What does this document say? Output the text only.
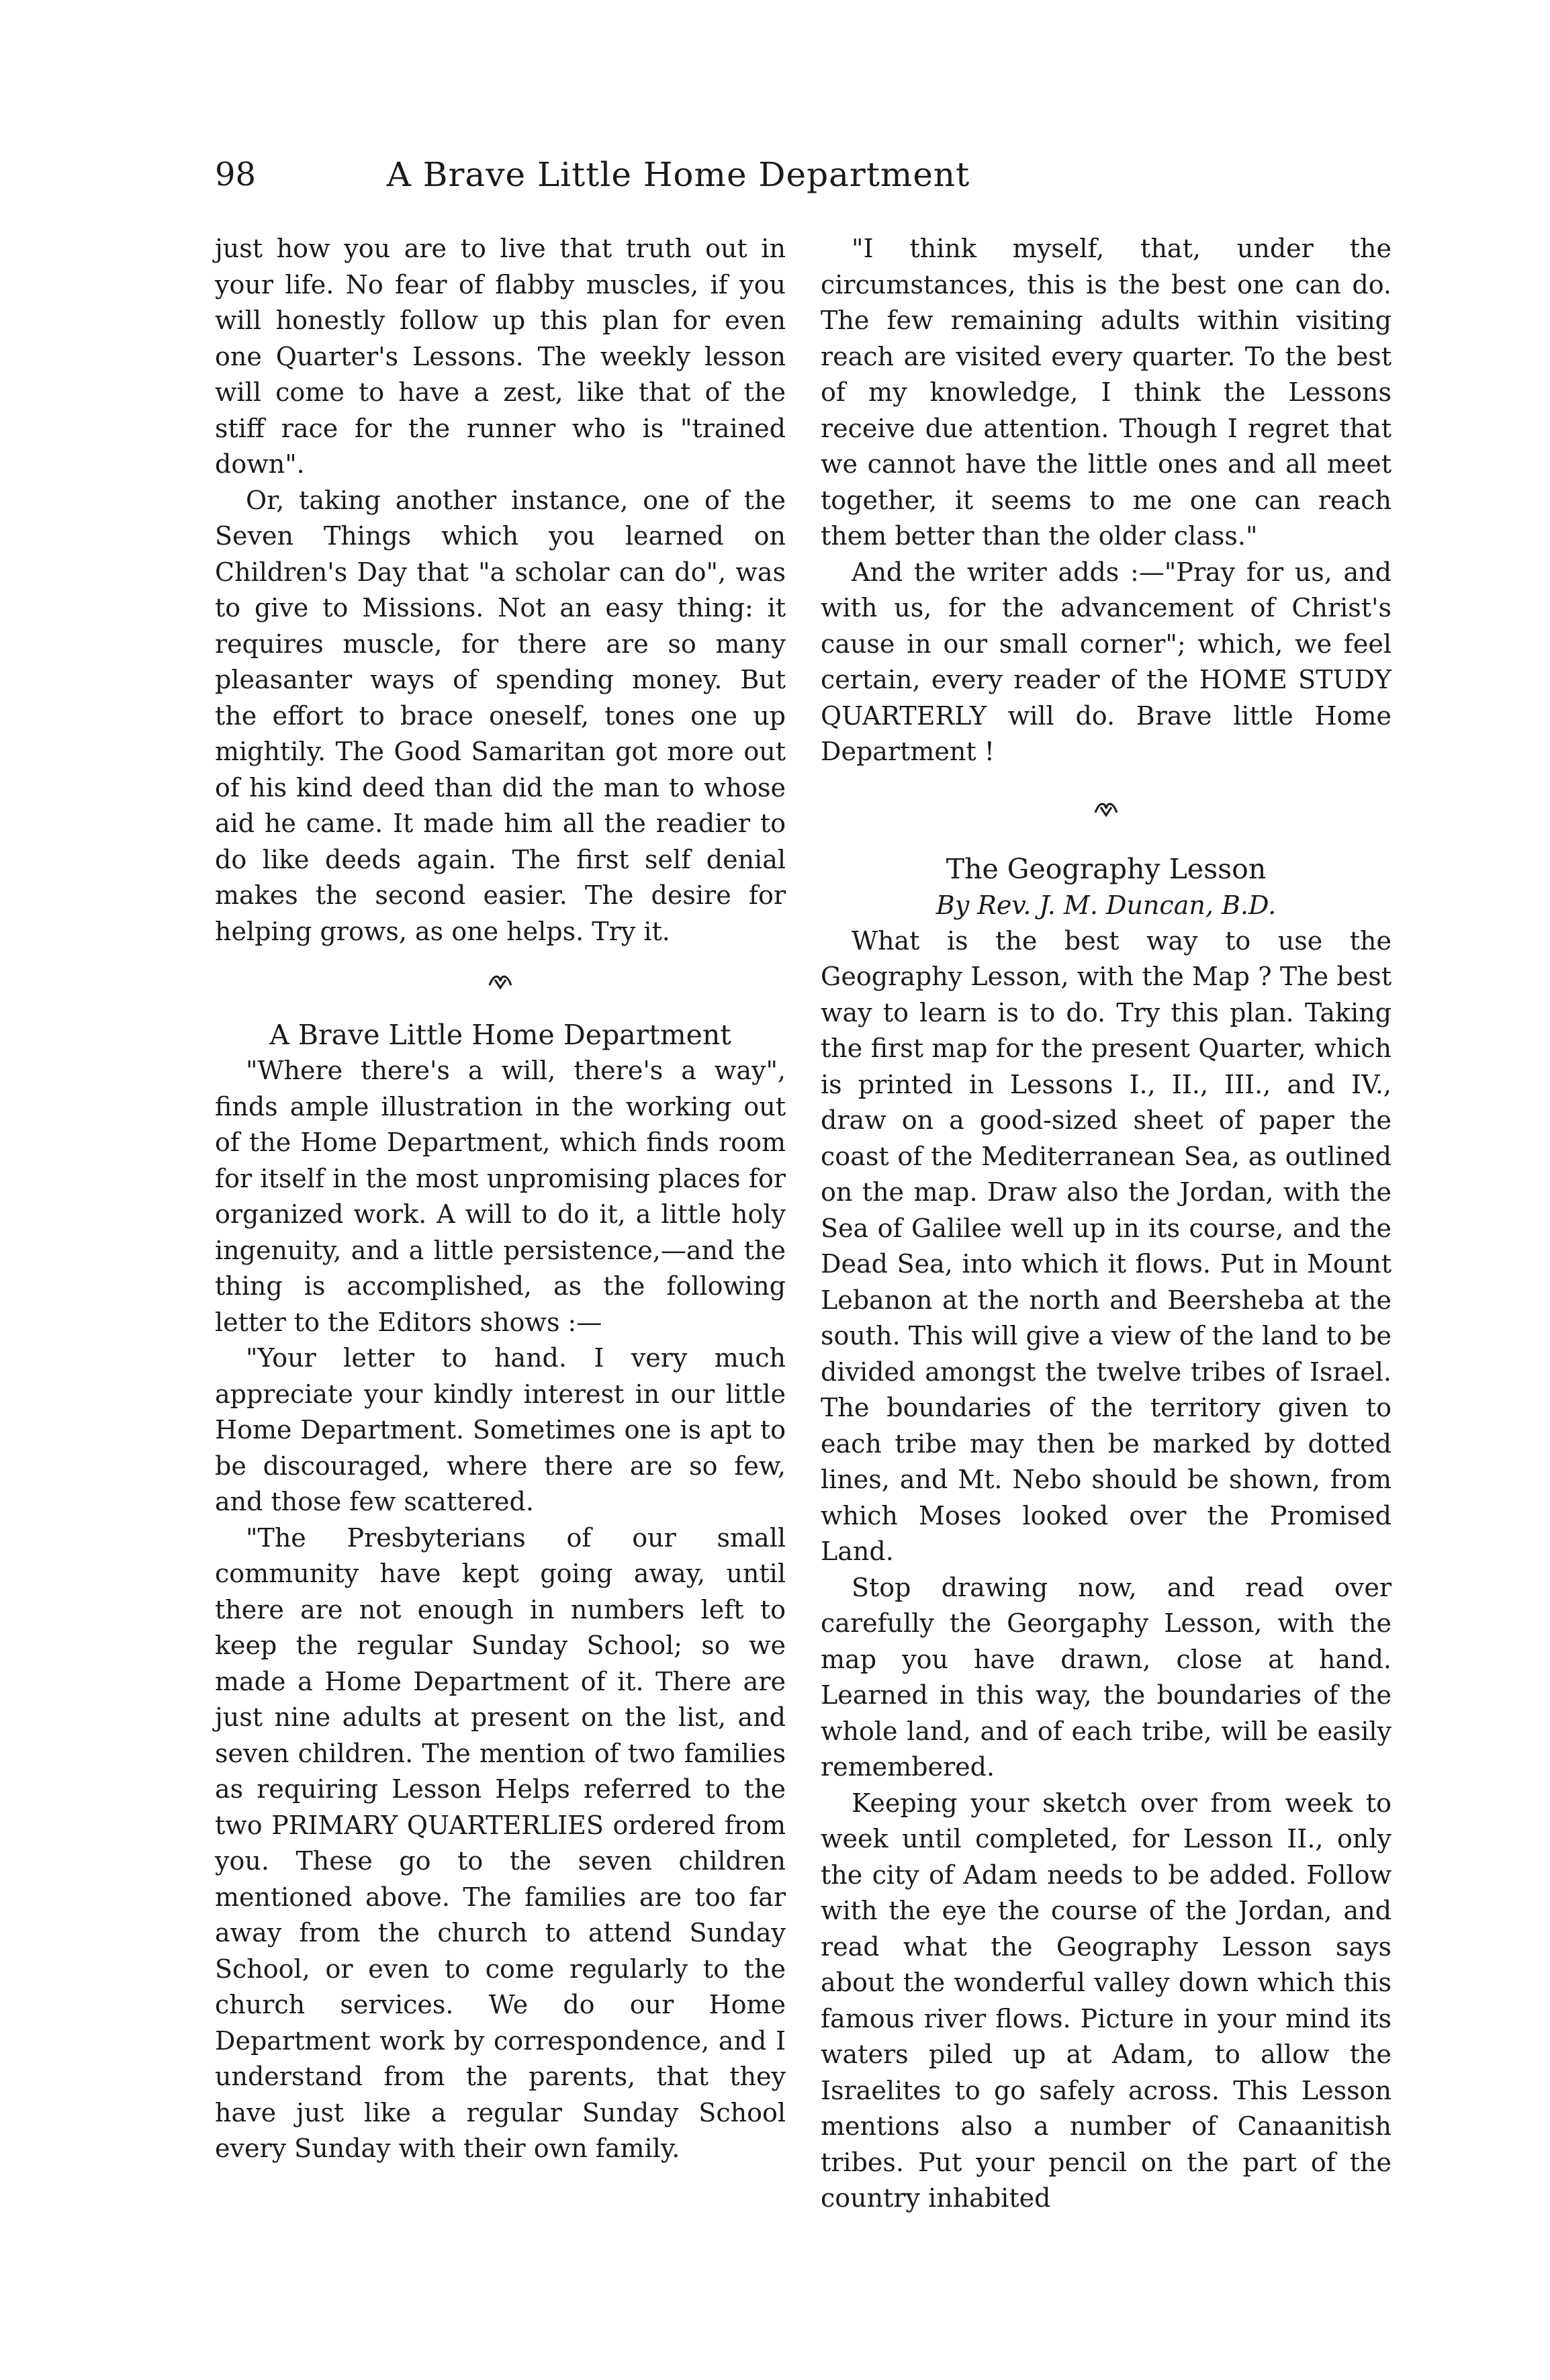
98	A Brave Little Home Department

just how you are to live that truth out in your life. No fear of flabby muscles, if you will honestly follow up this plan for even one Quarter's Lessons. The weekly lesson will come to have a zest, like that of the stiff race for the runner who is "trained down".

Or, taking another instance, one of the Seven Things which you learned on Children's Day that "a scholar can do", was to give to Missions. Not an easy thing: it requires muscle, for there are so many pleasanter ways of spending money. But the effort to brace oneself, tones one up mightily. The Good Samaritan got more out of his kind deed than did the man to whose aid he came. It made him all the readier to do like deeds again. The first self denial makes the second easier. The desire for helping grows, as one helps. Try it.

A Brave Little Home Department

"Where there's a will, there's a way", finds ample illustration in the working out of the Home Department, which finds room for itself in the most unpromising places for organized work. A will to do it, a little holy ingenuity, and a little persistence,—and the thing is accomplished, as the following letter to the Editors shows :—

"Your letter to hand. I very much appreciate your kindly interest in our little Home Department. Sometimes one is apt to be discouraged, where there are so few, and those few scattered.

"The Presbyterians of our small community have kept going away, until there are not enough in numbers left to keep the regular Sunday School; so we made a Home Department of it. There are just nine adults at present on the list, and seven children. The mention of two families as requiring Lesson Helps referred to the two PRIMARY QUARTERLIES ordered from you. These go to the seven children mentioned above. The families are too far away from the church to attend Sunday School, or even to come regularly to the church services. We do our Home Department work by correspondence, and I understand from the parents, that they have just like a regular Sunday School every Sunday with their own family.

"I think myself, that, under the circumstances, this is the best one can do. The few remaining adults within visiting reach are visited every quarter. To the best of my knowledge, I think the Lessons receive due attention. Though I regret that we cannot have the little ones and all meet together, it seems to me one can reach them better than the older class."

And the writer adds :—"Pray for us, and with us, for the advancement of Christ's cause in our small corner"; which, we feel certain, every reader of the HOME STUDY QUARTERLY will do. Brave little Home Department !

The Geography Lesson
By Rev. J. M. Duncan, B.D.

What is the best way to use the Geography Lesson, with the Map ? The best way to learn is to do. Try this plan. Taking the first map for the present Quarter, which is printed in Lessons I., II., III., and IV., draw on a good-sized sheet of paper the coast of the Mediterranean Sea, as outlined on the map. Draw also the Jordan, with the Sea of Galilee well up in its course, and the Dead Sea, into which it flows. Put in Mount Lebanon at the north and Beersheba at the south. This will give a view of the land to be divided amongst the twelve tribes of Israel. The boundaries of the territory given to each tribe may then be marked by dotted lines, and Mt. Nebo should be shown, from which Moses looked over the Promised Land.

Stop drawing now, and read over carefully the Georgaphy Lesson, with the map you have drawn, close at hand. Learned in this way, the boundaries of the whole land, and of each tribe, will be easily remembered.

Keeping your sketch over from week to week until completed, for Lesson II., only the city of Adam needs to be added. Follow with the eye the course of the Jordan, and read what the Geography Lesson says about the wonderful valley down which this famous river flows. Picture in your mind its waters piled up at Adam, to allow the Israelites to go safely across. This Lesson mentions also a number of Canaanitish tribes. Put your pencil on the part of the country inhabited
